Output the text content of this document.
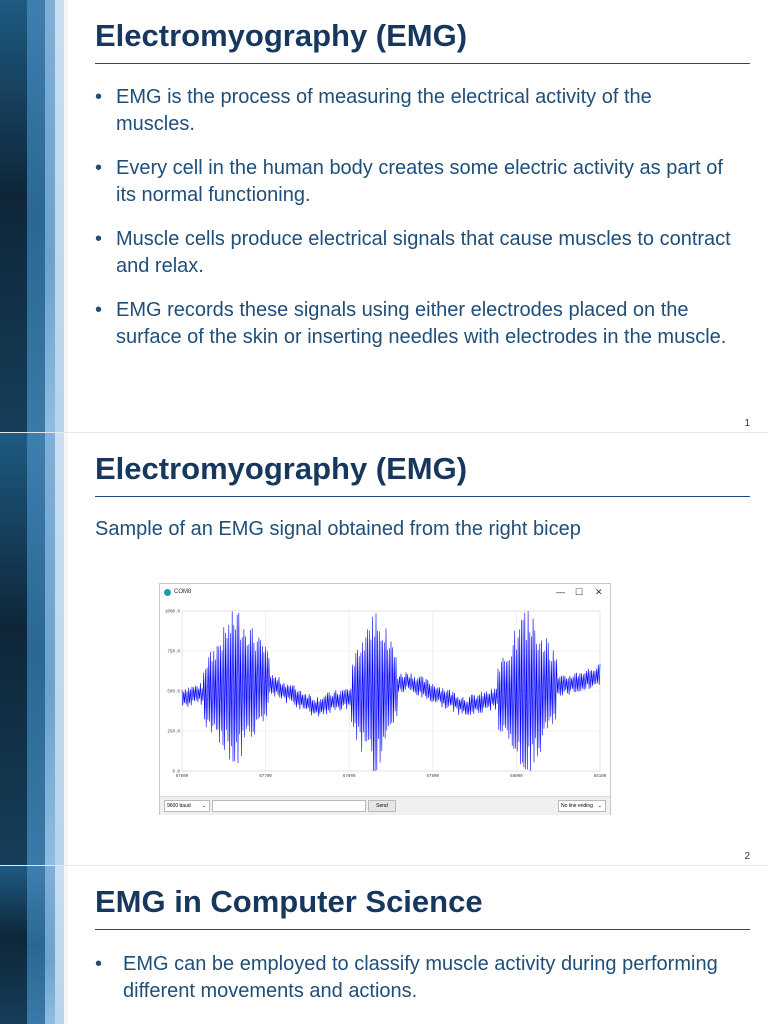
Electromyography (EMG)
• EMG is the process of measuring the electrical activity of the muscles.
• Every cell in the human body creates some electric activity as part of its normal functioning.
• Muscle cells produce electrical signals that cause muscles to contract and relax.
• EMG records these signals using either electrodes placed on the surface of the skin or inserting needles with electrodes in the muscle.
1
Electromyography (EMG)
Sample of an EMG signal obtained from the right bicep
COM8	— ☐ ✕
0.0
250.0
500.0
750.0
1000.0
67600	67700	67800	67900	68000	68100
9600 baud ⌄	Send	No line ending ⌄
2
EMG in Computer Science
• EMG can be employed to classify muscle activity during performing different movements and actions.
